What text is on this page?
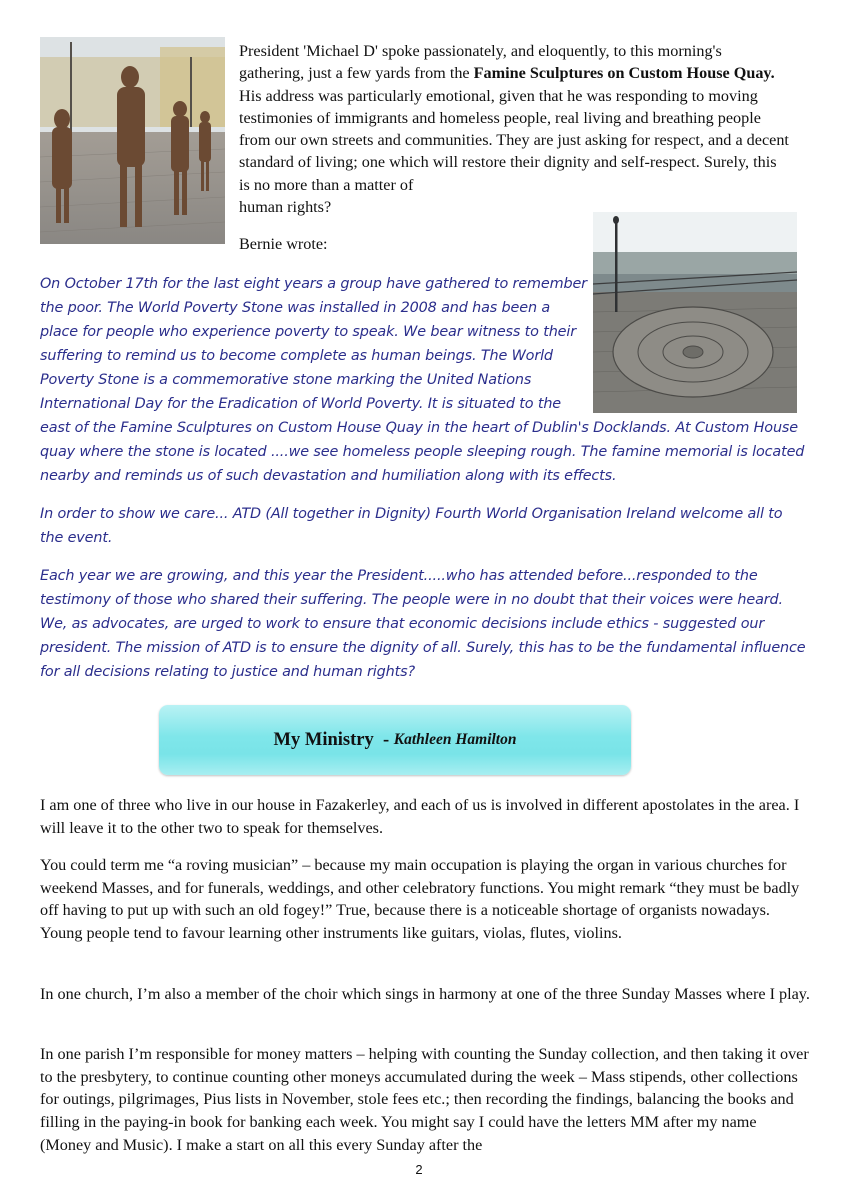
President 'Michael D' spoke passionately, and eloquently, to this morning's gathering, just a few yards from the Famine Sculptures on Custom House Quay. His address was particularly emotional, given that he was responding to moving testimonies of immigrants and homeless people, real living and breathing people from our own streets and communities. They are just asking for respect, and a decent standard of living; one which will restore their dignity and self-respect. Surely, this is no more than a matter of
human rights?

Bernie wrote:
On October 17th for the last eight years a group have gathered to remember
the poor. The World Poverty Stone was installed in 2008 and has been a
place for people who experience poverty to speak. We bear witness to their
suffering to remind us to become complete as human beings. The World
Poverty Stone is a commemorative stone marking the United Nations
International Day for the Eradication of World Poverty. It is situated to the
east of the Famine Sculptures on Custom House Quay in the heart of Dublin's Docklands. At Custom House
quay where the stone is located ....we see homeless people sleeping rough. The famine memorial is located
nearby and reminds us of such devastation and humiliation along with its effects.
In order to show we care... ATD (All together in Dignity) Fourth World Organisation Ireland welcome all to
the event.
Each year we are growing, and this year the President.....who has attended before...responded to the
testimony of those who shared their suffering. The people were in no doubt that their voices were heard.
We, as advocates, are urged to work to ensure that economic decisions include ethics - suggested our
president. The mission of ATD is to ensure the dignity of all. Surely, this has to be the fundamental influence
for all decisions relating to justice and human rights?
My Ministry  - Kathleen Hamilton
I am one of three who live in our house in Fazakerley, and each of us is involved in different apostolates in the area. I will leave it to the other two to speak for themselves.
You could term me “a roving musician” – because my main occupation is playing the organ in various churches for weekend Masses, and for funerals, weddings, and other celebratory functions. You might remark “they must be badly off having to put up with such an old fogey!” True, because there is a noticeable shortage of organists nowadays. Young people tend to favour learning other instruments like guitars, violas, flutes, violins.
In one church, I’m also a member of the choir which sings in harmony at one of the three Sunday Masses where I play.
In one parish I’m responsible for money matters – helping with counting the Sunday collection, and then taking it over to the presbytery, to continue counting other moneys accumulated during the week – Mass stipends, other collections for outings, pilgrimages, Pius lists in November, stole fees etc.; then recording the findings, balancing the books and filling in the paying-in book for banking each week. You might say I could have the letters MM after my name (Money and Music). I make a start on all this every Sunday after the
2
